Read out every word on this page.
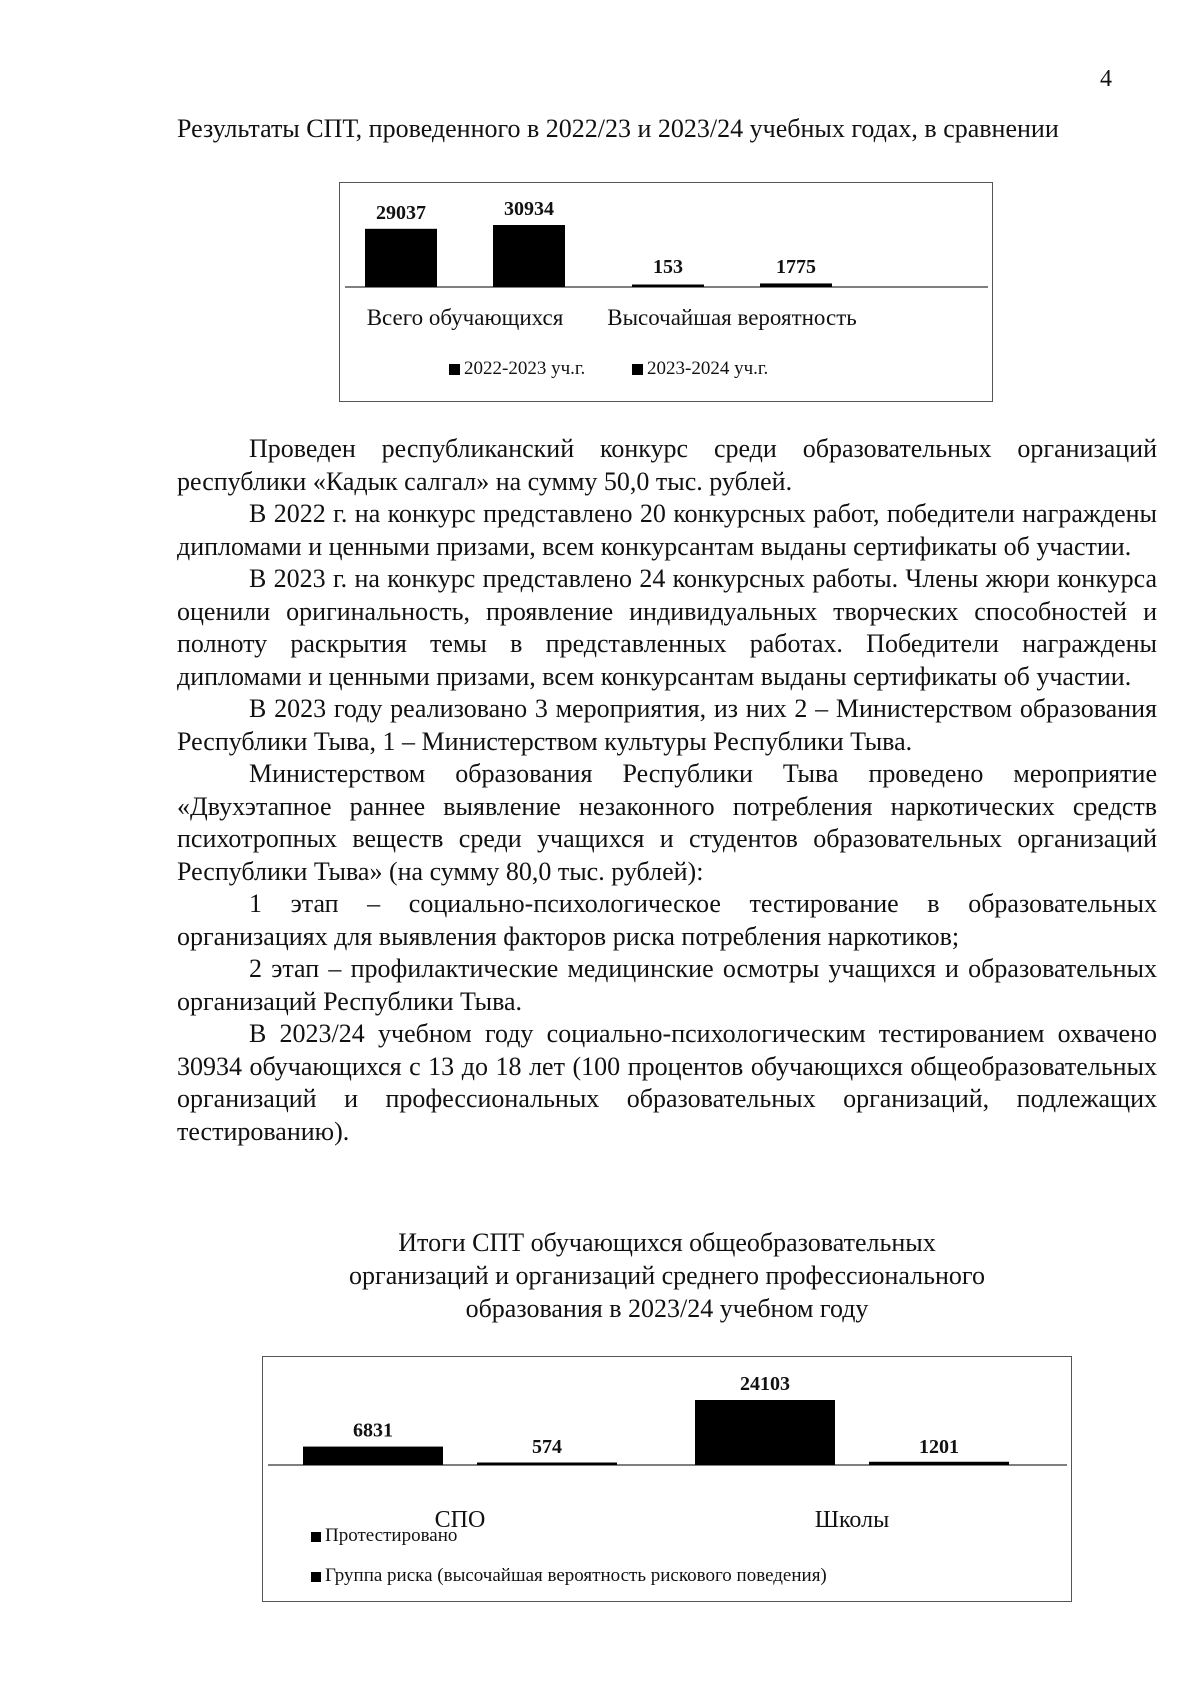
4
Результаты СПТ, проведенного в 2022/23 и 2023/24 учебных годах, в сравнении
29037	30934
Всего обучающихся
153	1775
Высочайшая вероятность
2022-2023 уч.г.	2023-2024 уч.г.

Проведен республиканский конкурс среди образовательных организаций республики «Кадык салгал» на сумму 50,0 тыс. рублей.

В 2022 г. на конкурс представлено 20 конкурсных работ, победители награждены дипломами и ценными призами, всем конкурсантам выданы сертификаты об участии.

В 2023 г. на конкурс представлено 24 конкурсных работы. Члены жюри конкурса оценили оригинальность, проявление индивидуальных творческих способностей и полноту раскрытия темы в представленных работах. Победители награждены дипломами и ценными призами, всем конкурсантам выданы сертификаты об участии.

В 2023 году реализовано 3 мероприятия, из них 2 – Министерством образования Республики Тыва, 1 – Министерством культуры Республики Тыва.

Министерством образования Республики Тыва проведено мероприятие «Двухэтапное раннее выявление незаконного потребления наркотических средств психотропных веществ среди учащихся и студентов образовательных организаций Республики Тыва» (на сумму 80,0 тыс. рублей):

1 этап – социально-психологическое тестирование в образовательных организациях для выявления факторов риска потребления наркотиков;

2 этап – профилактические медицинские осмотры учащихся и образовательных организаций Республики Тыва.

В 2023/24 учебном году социально-психологическим тестированием охвачено 30934 обучающихся с 13 до 18 лет (100 процентов обучающихся общеобразовательных организаций и профессиональных образовательных организаций, подлежащих тестированию).

Итоги СПТ обучающихся общеобразовательных
организаций и организаций среднего профессионального
образования в 2023/24 учебном году
6831
574
СПО
24103
1201
Школы
Протестировано
Группа риска (высочайшая вероятность рискового поведения)
